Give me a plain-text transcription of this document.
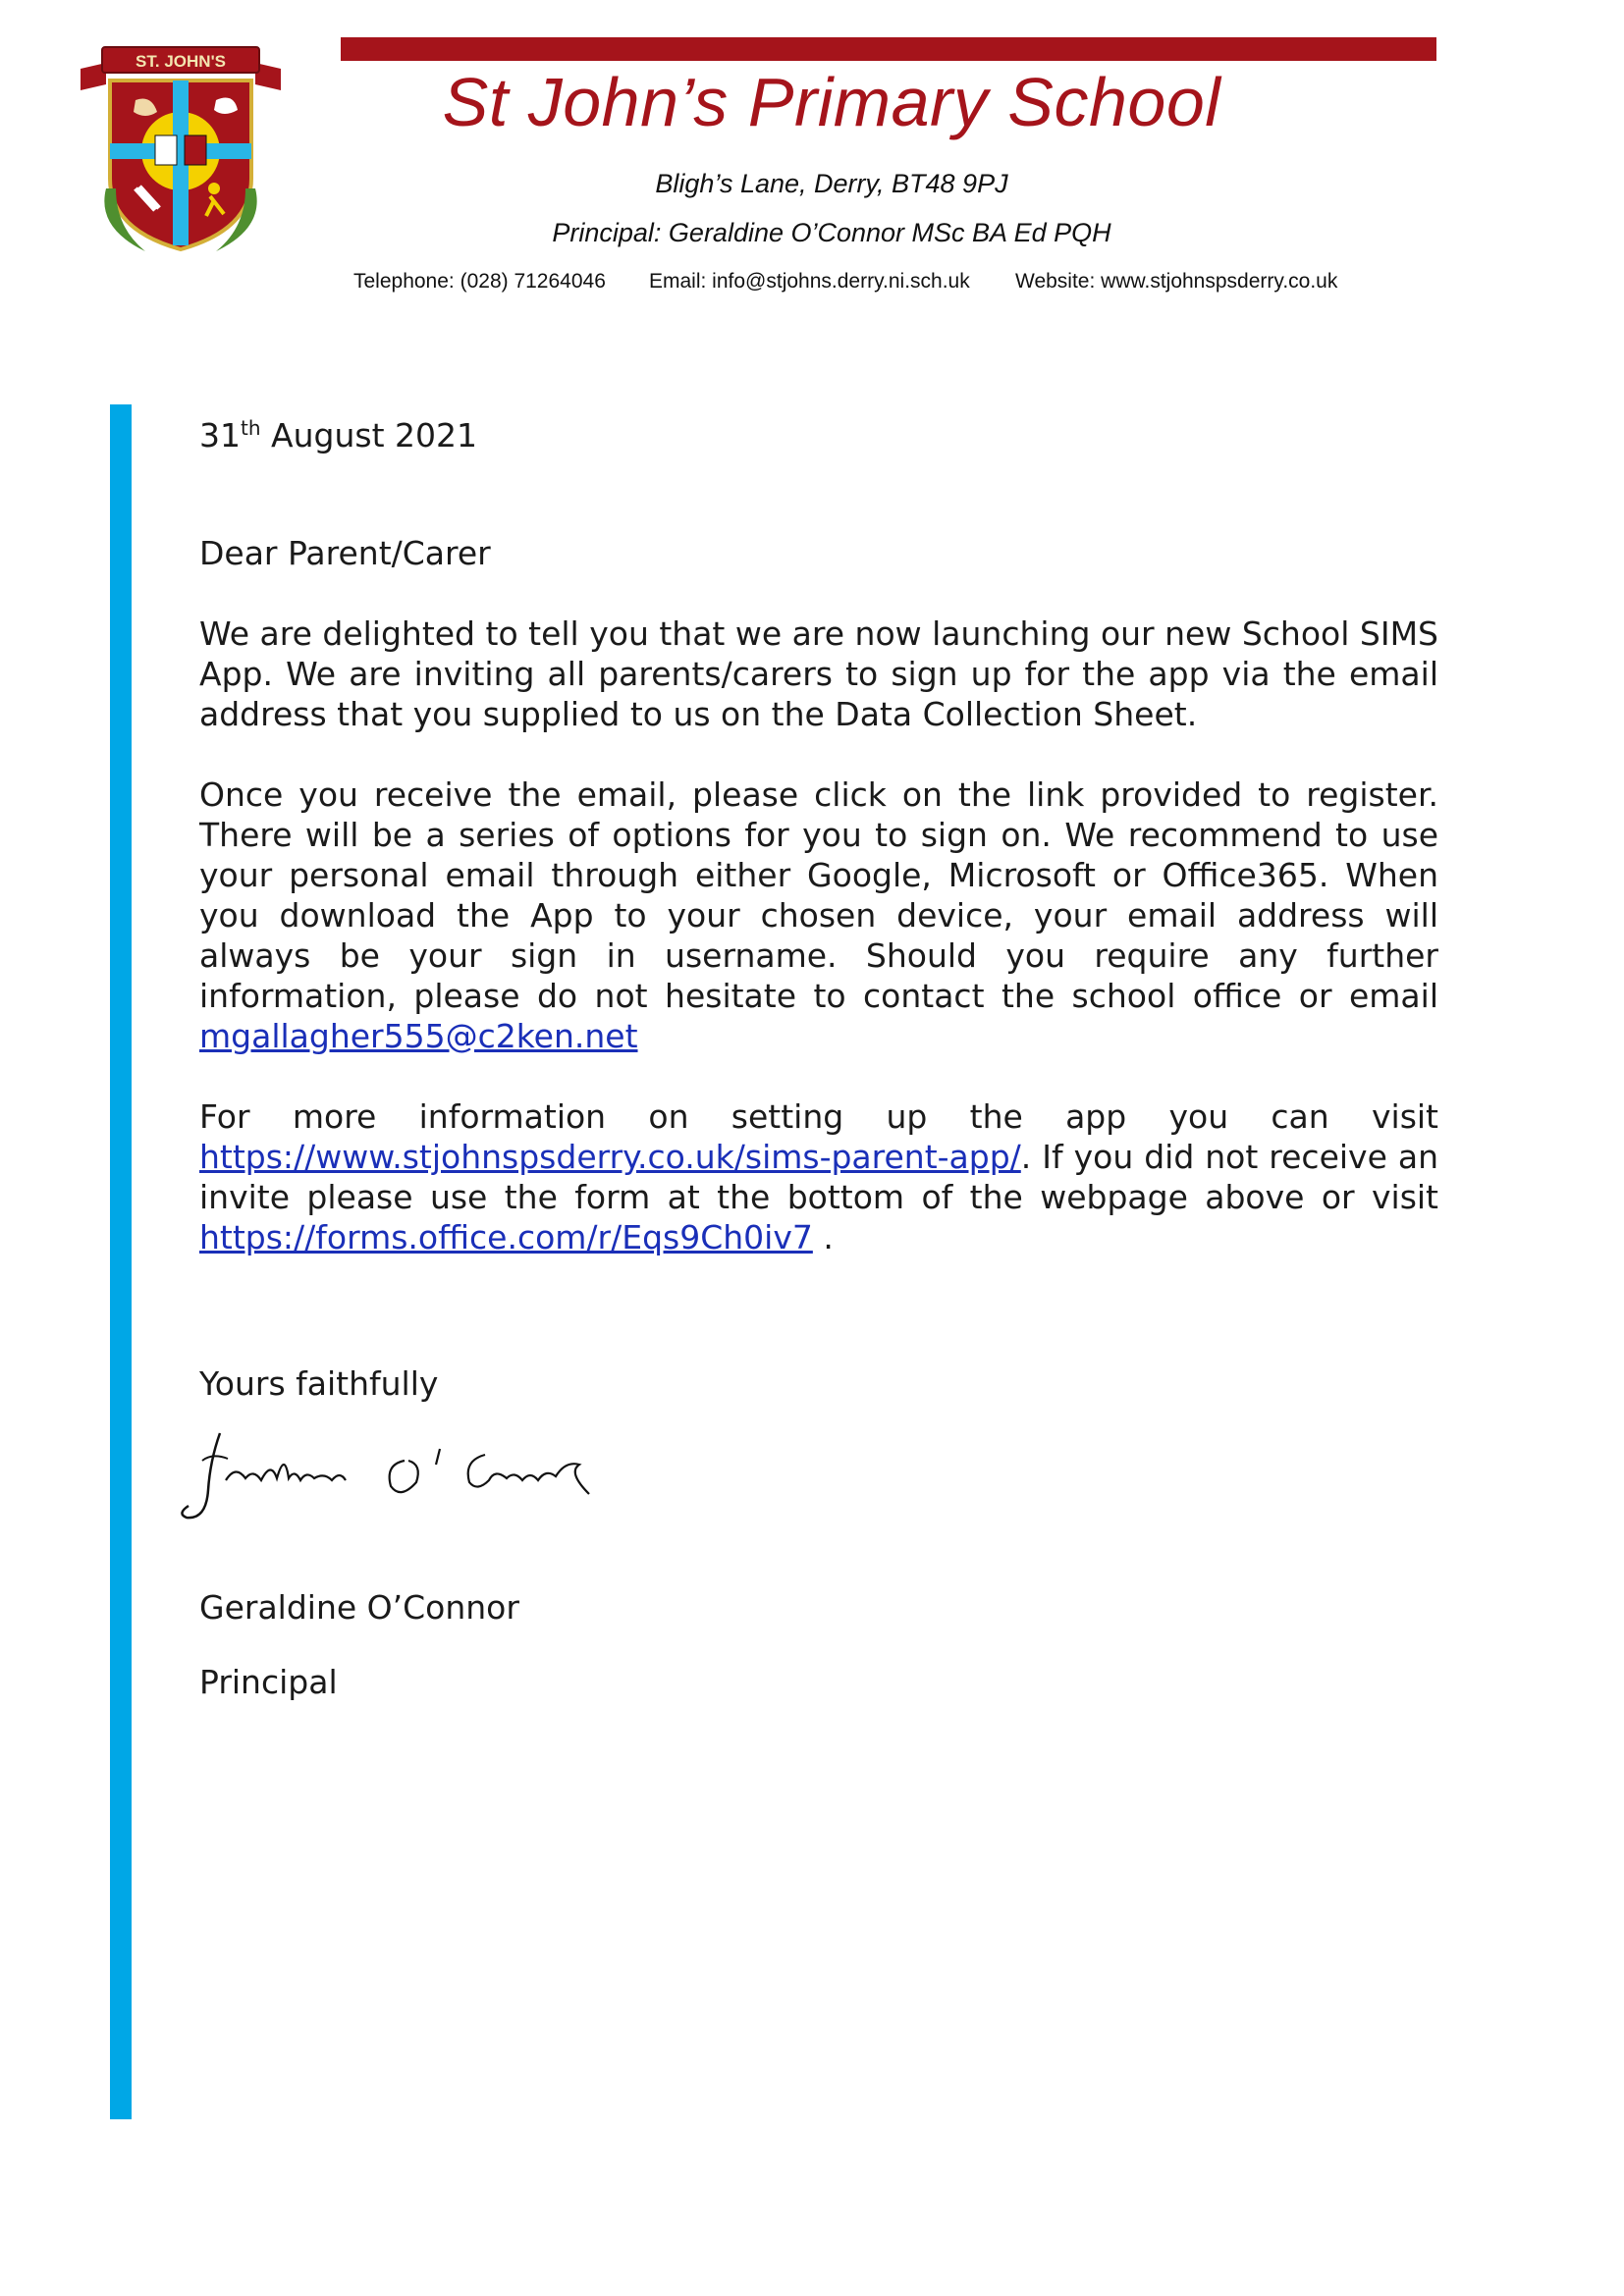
ST. JOHN'S
St John’s Primary School
Bligh’s Lane, Derry, BT48 9PJ
Principal: Geraldine O’Connor MSc BA Ed PQH
Telephone: (028) 71264046 Email: info@stjohns.derry.ni.sch.uk Website: www.stjohnspsderry.co.uk
31th August 2021
Dear Parent/Carer
We are delighted to tell you that we are now launching our new School SIMS App. We are inviting all parents/carers to sign up for the app via the email address that you supplied to us on the Data Collection Sheet.
Once you receive the email, please click on the link provided to register. There will be a series of options for you to sign on. We recommend to use your personal email through either Google, Microsoft or Office365. When you download the App to your chosen device, your email address will always be your sign in username. Should you require any further information, please do not hesitate to contact the school office or email mgallagher555@c2ken.net
For more information on setting up the app you can visit https://www.stjohnspsderry.co.uk/sims-parent-app/. If you did not receive an invite please use the form at the bottom of the webpage above or visit https://forms.office.com/r/Eqs9Ch0iv7 .
Yours faithfully
Geraldine O’Connor
Principal
